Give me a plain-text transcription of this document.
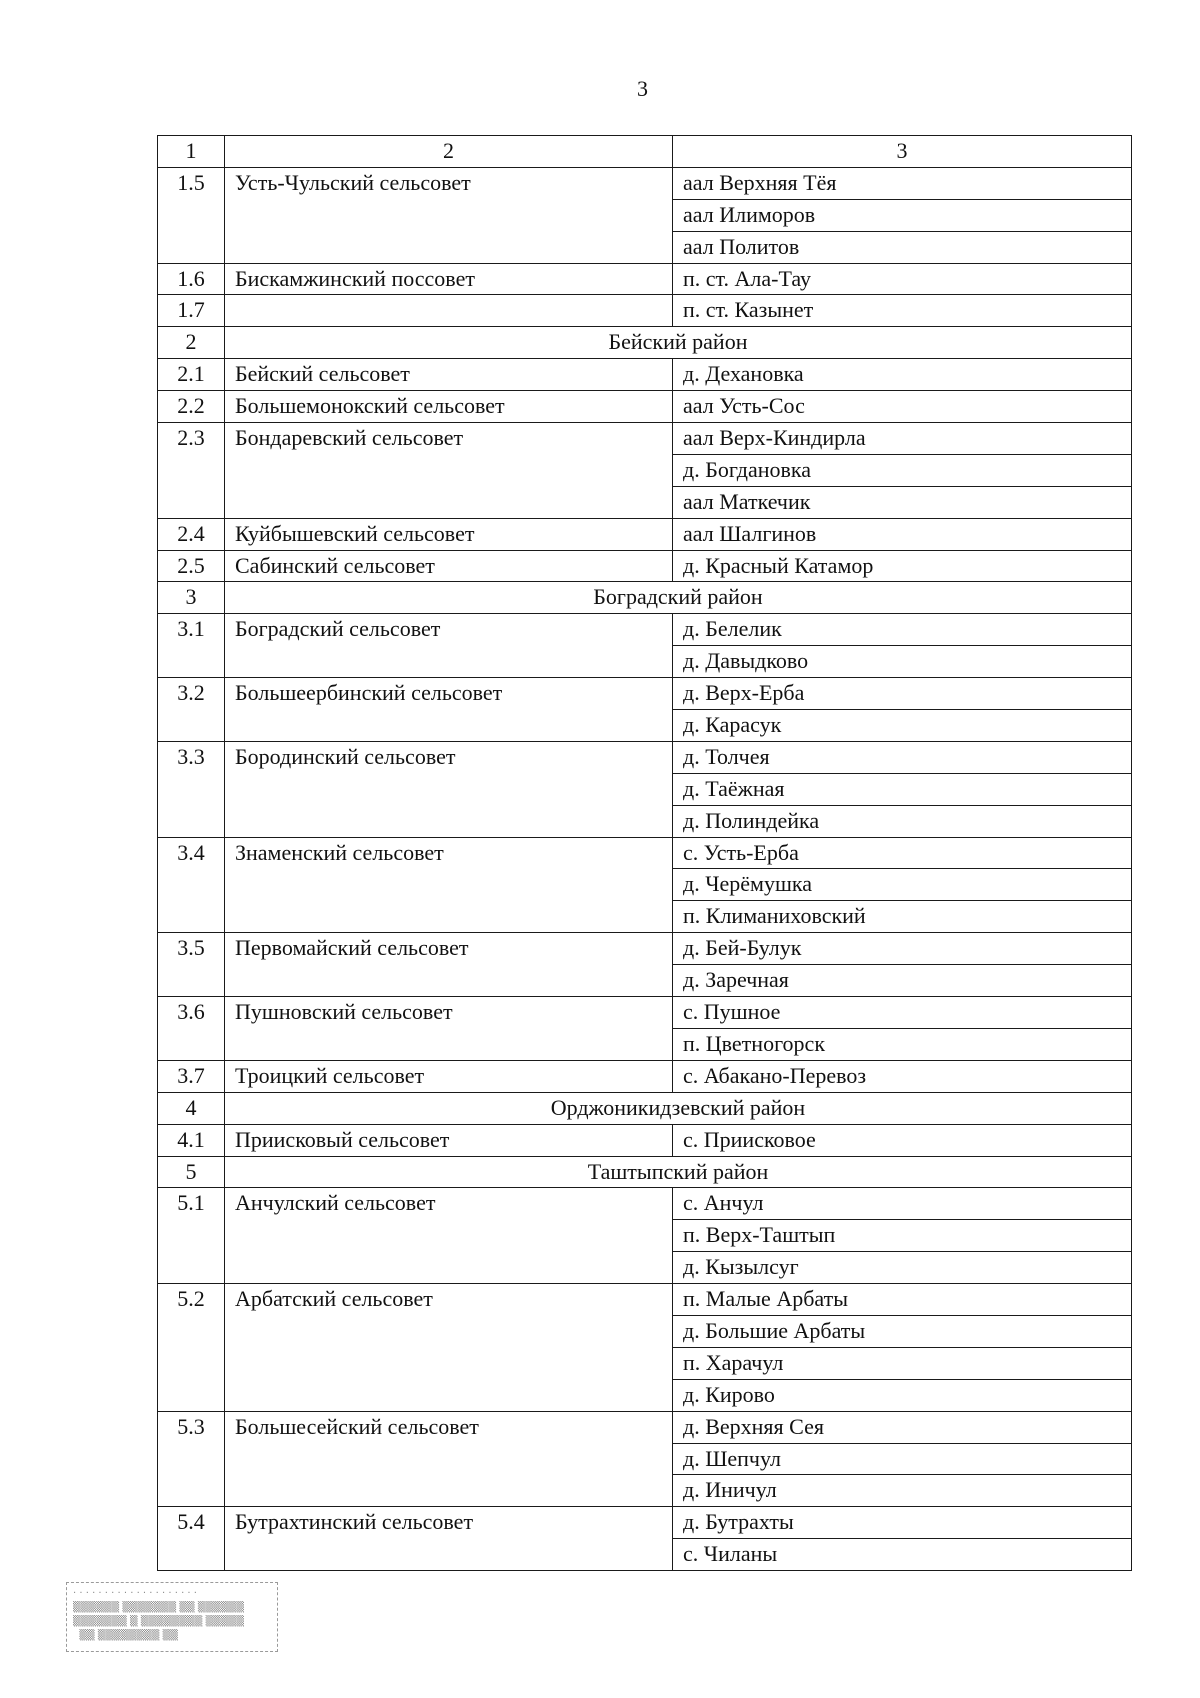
3
1	2	3
1.5	Усть-Чульский сельсовет	аал Верхняя Тёя
		аал Илиморов
		аал Политов
1.6	Бискамжинский поссовет	п. ст. Ала-Тау
1.7		п. ст. Казынет
2	Бейский район	
2.1	Бейский сельсовет	д. Дехановка
2.2	Большемонокский сельсовет	аал Усть-Сос
2.3	Бондаревский сельсовет	аал Верх-Киндирла
		д. Богдановка
		аал Маткечик
2.4	Куйбышевский сельсовет	аал Шалгинов
2.5	Сабинский сельсовет	д. Красный Катамор
3	Боградский район	
3.1	Боградский сельсовет	д. Белелик
		д. Давыдково
3.2	Большеербинский сельсовет	д. Верх-Ерба
		д. Карасук
3.3	Бородинский сельсовет	д. Толчея
		д. Таёжная
		д. Полиндейка
3.4	Знаменский сельсовет	с. Усть-Ерба
		д. Черёмушка
		п. Климаниховский
3.5	Первомайский сельсовет	д. Бей-Булук
		д. Заречная
3.6	Пушновский сельсовет	с. Пушное
		п. Цветногорск
3.7	Троицкий сельсовет	с. Абакано-Перевоз
4	Орджоникидзевский район	
4.1	Приисковый сельсовет	с. Приисковое
5	Таштыпский район	
5.1	Анчулский сельсовет	с. Анчул
		п. Верх-Таштып
		д. Кызылсуг
5.2	Арбатский сельсовет	п. Малые Арбаты
		д. Большие Арбаты
		п. Харачул
		д. Кирово
5.3	Большесейский сельсовет	д. Верхняя Сея
		д. Шепчул
		д. Иничул
5.4	Бутрахтинский сельсовет	д. Бутрахты
		с. Чиланы
· · · · · · · · · · · · · · · · · · · ·
▒▒▒▒▒▒ ▒▒▒▒▒▒▒ ▒▒ ▒▒▒▒▒▒
▒▒▒▒▒▒▒ ▒ ▒▒▒▒▒▒▒▒ ▒▒▒▒▒
▒▒ ▒▒▒▒▒▒▒▒ ▒▒
